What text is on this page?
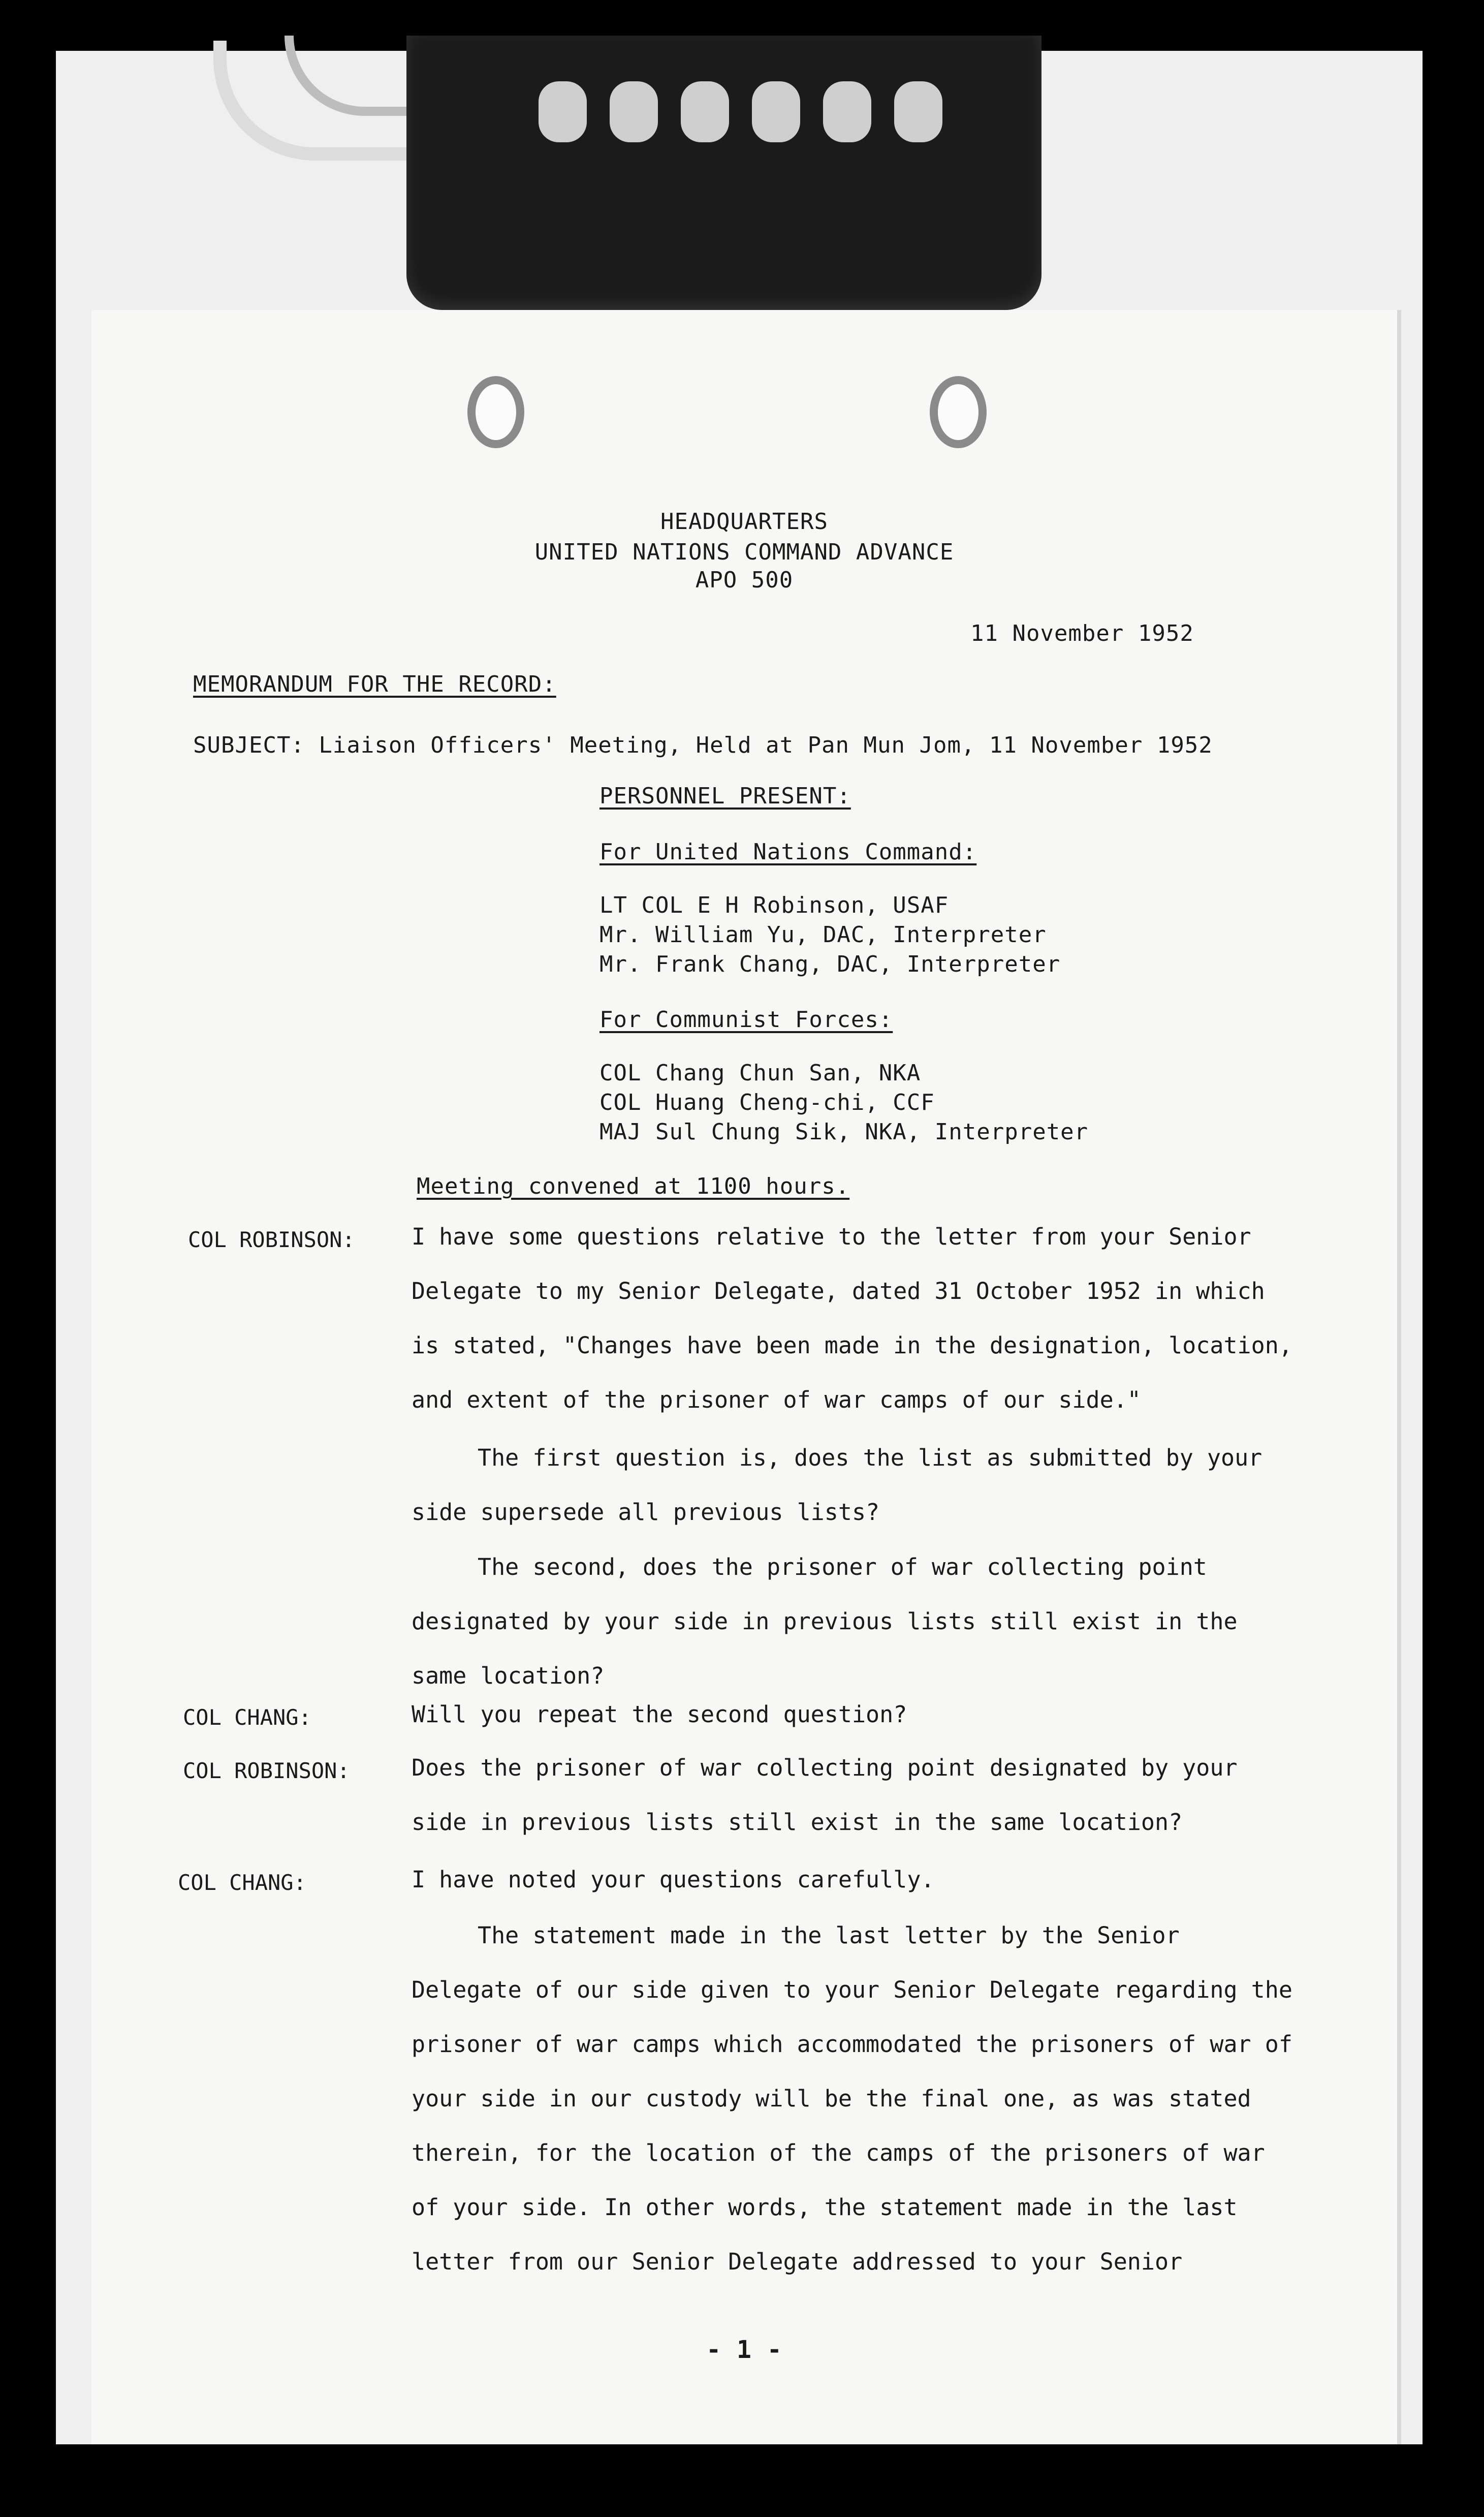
HEADQUARTERS
UNITED NATIONS COMMAND ADVANCE
APO 500
11 November 1952
MEMORANDUM FOR THE RECORD:
SUBJECT: Liaison Officers' Meeting, Held at Pan Mun Jom, 11 November 1952
PERSONNEL PRESENT:
For United Nations Command:
LT COL E H Robinson, USAF
Mr. William Yu, DAC, Interpreter
Mr. Frank Chang, DAC, Interpreter
For Communist Forces:
COL Chang Chun San, NKA
COL Huang Cheng-chi, CCF
MAJ Sul Chung Sik, NKA, Interpreter
Meeting convened at 1100 hours.
COL ROBINSON: I have some questions relative to the letter from your Senior Delegate to my Senior Delegate, dated 31 October 1952 in which is stated, "Changes have been made in the designation, location, and extent of the prisoner of war camps of our side."
The first question is, does the list as submitted by your side supersede all previous lists?
The second, does the prisoner of war collecting point designated by your side in previous lists still exist in the same location?
COL CHANG:	Will you repeat the second question?
COL ROBINSON:	Does the prisoner of war collecting point designated by your side in previous lists still exist in the same location?
COL CHANG:	I have noted your questions carefully.
The statement made in the last letter by the Senior Delegate of our side given to your Senior Delegate regarding the prisoner of war camps which accommodated the prisoners of war of your side in our custody will be the final one, as was stated therein, for the location of the camps of the prisoners of war of your side. In other words, the statement made in the last letter from our Senior Delegate addressed to your Senior
- 1 -
